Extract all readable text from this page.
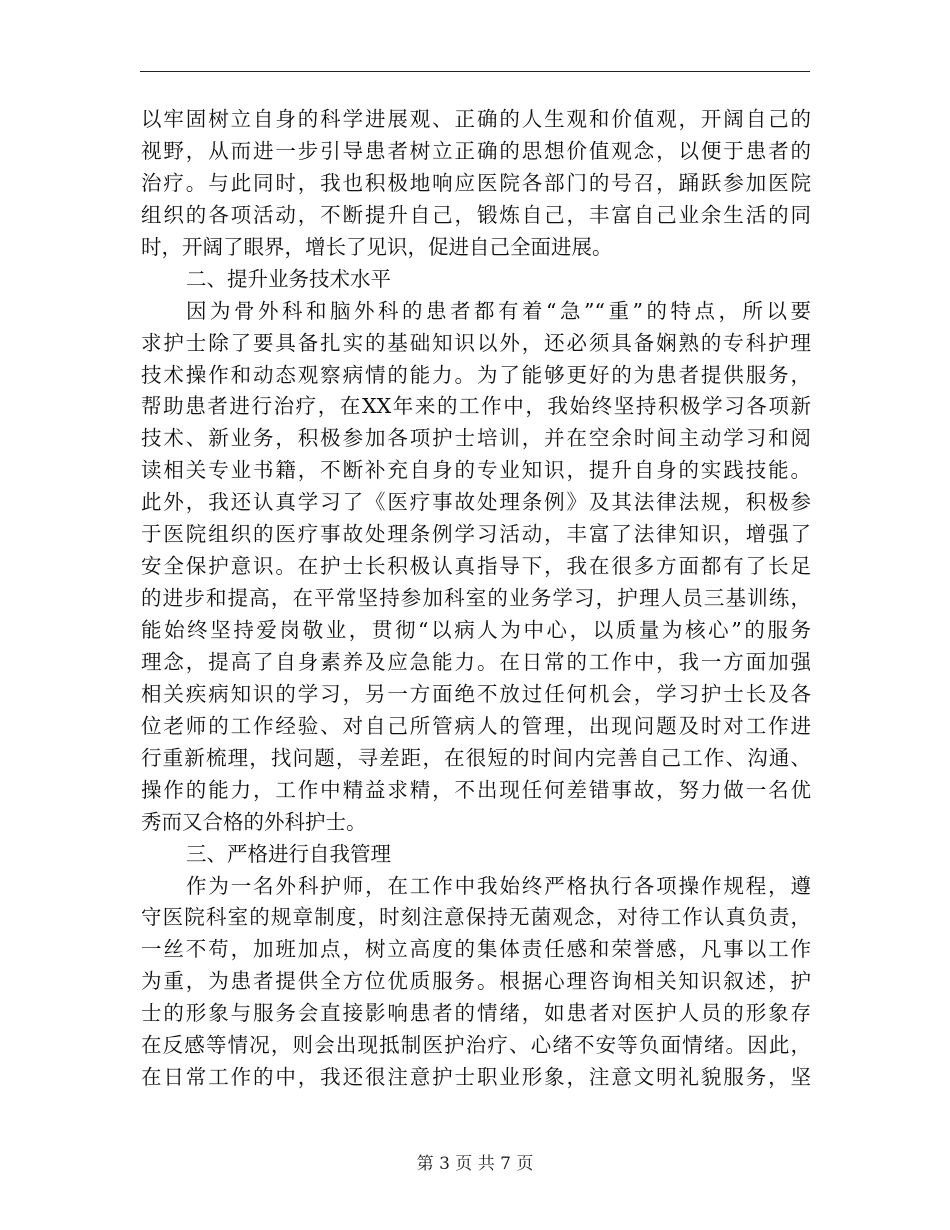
以牢固树立自身的科学进展观、正确的人生观和价值观，开阔自己的
视野，从而进一步引导患者树立正确的思想价值观念，以便于患者的
治疗。与此同时，我也积极地响应医院各部门的号召，踊跃参加医院
组织的各项活动，不断提升自己，锻炼自己，丰富自己业余生活的同
时，开阔了眼界，增长了见识，促进自己全面进展。
二、提升业务技术水平
因为骨外科和脑外科的患者都有着“急”“重”的特点，所以要
求护士除了要具备扎实的基础知识以外，还必须具备娴熟的专科护理
技术操作和动态观察病情的能力。为了能够更好的为患者提供服务，
帮助患者进行治疗，在XX年来的工作中，我始终坚持积极学习各项新
技术、新业务，积极参加各项护士培训，并在空余时间主动学习和阅
读相关专业书籍，不断补充自身的专业知识，提升自身的实践技能。
此外，我还认真学习了《医疗事故处理条例》及其法律法规，积极参
于医院组织的医疗事故处理条例学习活动，丰富了法律知识，增强了
安全保护意识。在护士长积极认真指导下，我在很多方面都有了长足
的进步和提高，在平常坚持参加科室的业务学习，护理人员三基训练，
能始终坚持爱岗敬业，贯彻“以病人为中心，以质量为核心”的服务
理念，提高了自身素养及应急能力。在日常的工作中，我一方面加强
相关疾病知识的学习，另一方面绝不放过任何机会，学习护士长及各
位老师的工作经验、对自己所管病人的管理，出现问题及时对工作进
行重新梳理，找问题，寻差距，在很短的时间内完善自己工作、沟通、
操作的能力，工作中精益求精，不出现任何差错事故，努力做一名优
秀而又合格的外科护士。
三、严格进行自我管理
作为一名外科护师，在工作中我始终严格执行各项操作规程，遵
守医院科室的规章制度，时刻注意保持无菌观念，对待工作认真负责，
一丝不苟，加班加点，树立高度的集体责任感和荣誉感，凡事以工作
为重，为患者提供全方位优质服务。根据心理咨询相关知识叙述，护
士的形象与服务会直接影响患者的情绪，如患者对医护人员的形象存
在反感等情况，则会出现抵制医护治疗、心绪不安等负面情绪。因此，
在日常工作的中，我还很注意护士职业形象，注意文明礼貌服务，坚
第 3 页 共 7 页
